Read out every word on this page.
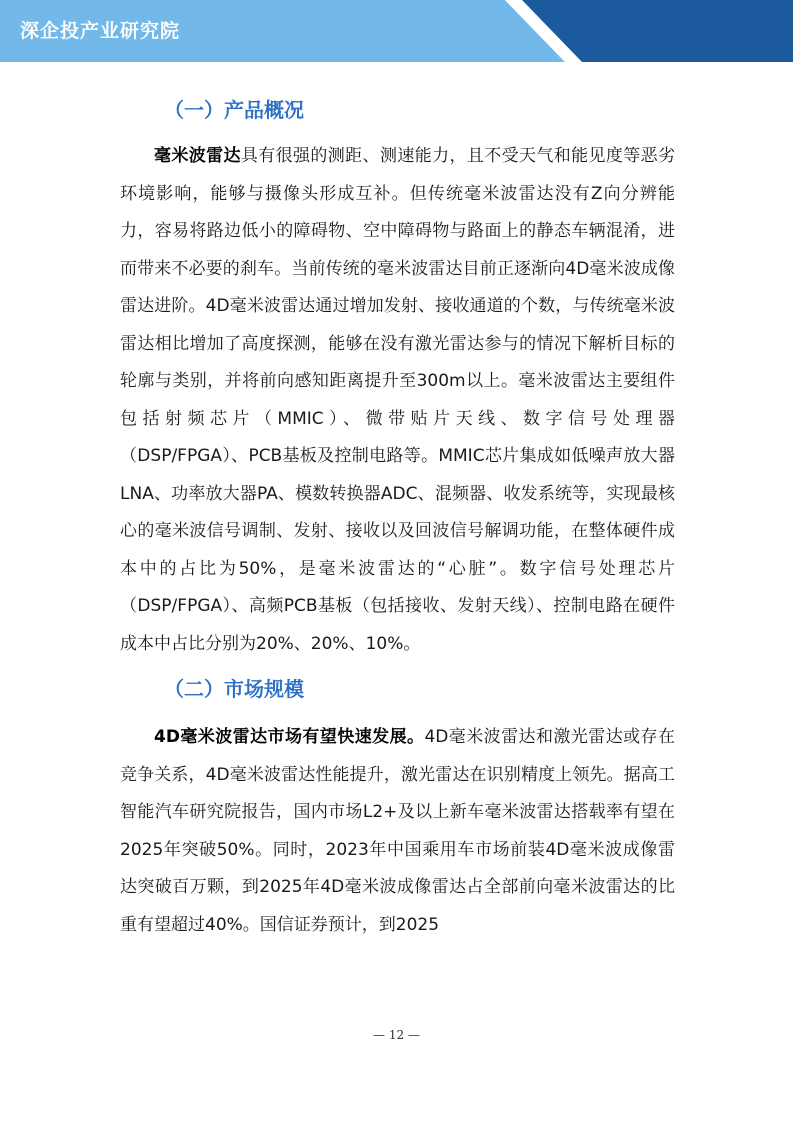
深企投产业研究院
（一）产品概况

毫米波雷达具有很强的测距、测速能力，且不受天气和能见度等恶劣环境影响，能够与摄像头形成互补。但传统毫米波雷达没有Z向分辨能力，容易将路边低小的障碍物、空中障碍物与路面上的静态车辆混淆，进而带来不必要的刹车。当前传统的毫米波雷达目前正逐渐向4D毫米波成像雷达进阶。4D毫米波雷达通过增加发射、接收通道的个数，与传统毫米波雷达相比增加了高度探测，能够在没有激光雷达参与的情况下解析目标的轮廓与类别，并将前向感知距离提升至300m以上。毫米波雷达主要组件包括射频芯片（MMIC）、微带贴片天线、数字信号处理器（DSP/FPGA）、PCB基板及控制电路等。MMIC芯片集成如低噪声放大器LNA、功率放大器PA、模数转换器ADC、混频器、收发系统等，实现最核心的毫米波信号调制、发射、接收以及回波信号解调功能，在整体硬件成本中的占比为50%，是毫米波雷达的“心脏”。数字信号处理芯片（DSP/FPGA）、高频PCB基板（包括接收、发射天线）、控制电路在硬件成本中占比分别为20%、20%、10%。

（二）市场规模

4D毫米波雷达市场有望快速发展。4D毫米波雷达和激光雷达或存在竞争关系，4D毫米波雷达性能提升，激光雷达在识别精度上领先。据高工智能汽车研究院报告，国内市场L2+及以上新车毫米波雷达搭载率有望在2025年突破50%。同时，2023年中国乘用车市场前装4D毫米波成像雷达突破百万颗，到2025年4D毫米波成像雷达占全部前向毫米波雷达的比重有望超过40%。国信证券预计，到2025

— 12 —
